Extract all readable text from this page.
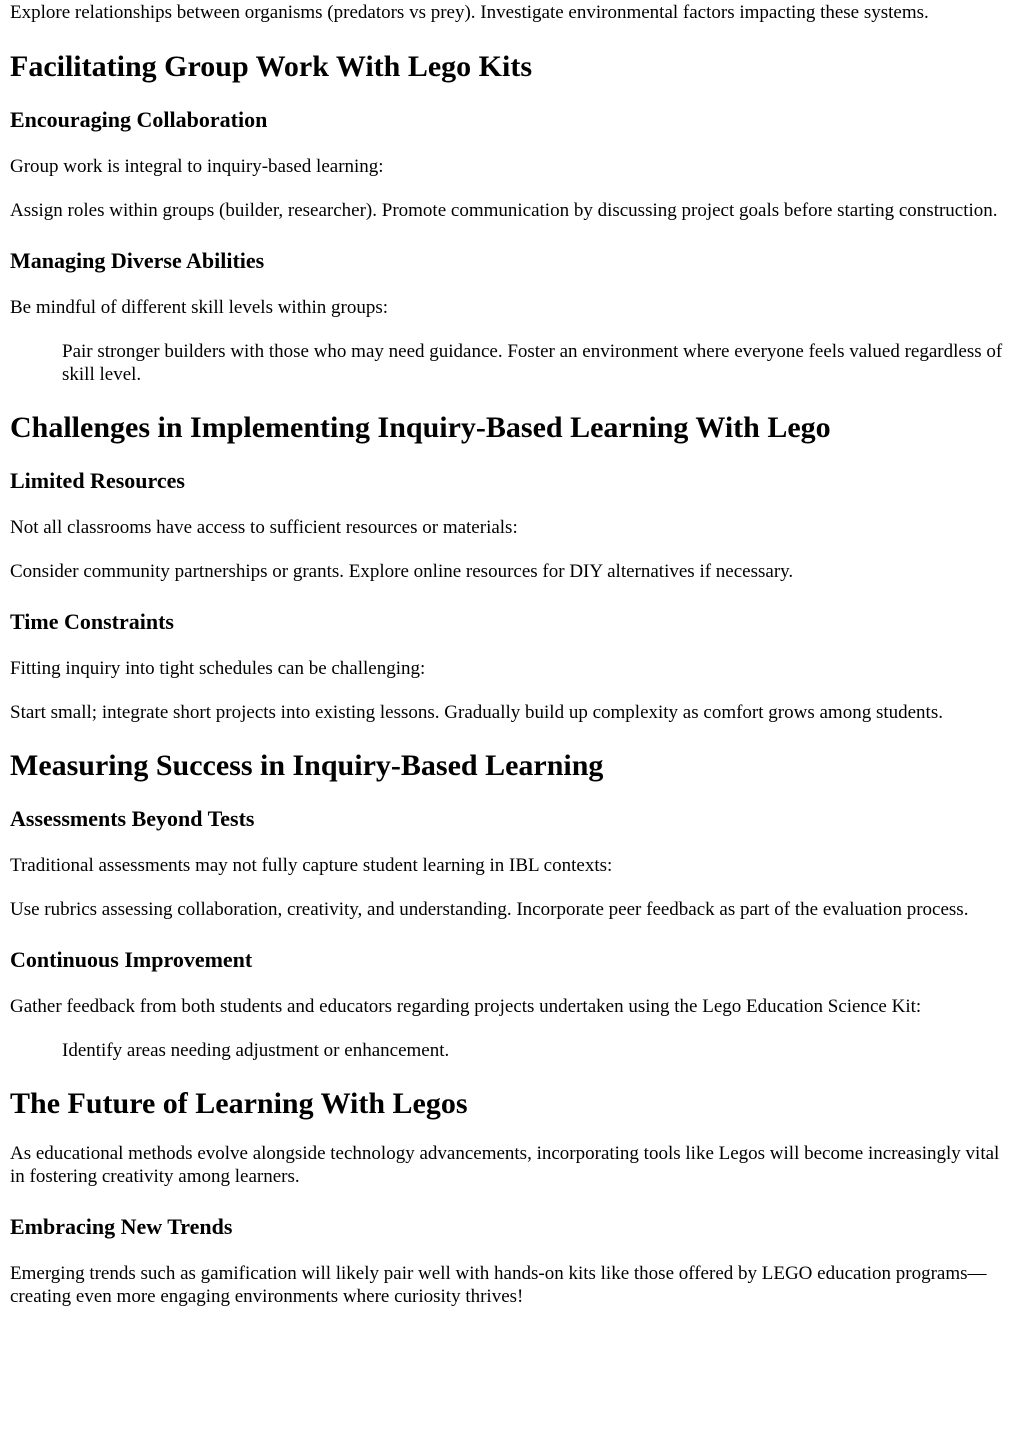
Explore relationships between organisms (predators vs prey). Investigate environmental factors impacting these systems.

Facilitating Group Work With Lego Kits
Encouraging Collaboration

Group work is integral to inquiry-based learning:

Assign roles within groups (builder, researcher). Promote communication by discussing project goals before starting construction.

Managing Diverse Abilities

Be mindful of different skill levels within groups:

Pair stronger builders with those who may need guidance. Foster an environment where everyone feels valued regardless of skill level.
Challenges in Implementing Inquiry-Based Learning With Lego
Limited Resources

Not all classrooms have access to sufficient resources or materials:

Consider community partnerships or grants. Explore online resources for DIY alternatives if necessary.

Time Constraints

Fitting inquiry into tight schedules can be challenging:

Start small; integrate short projects into existing lessons. Gradually build up complexity as comfort grows among students.

Measuring Success in Inquiry-Based Learning
Assessments Beyond Tests

Traditional assessments may not fully capture student learning in IBL contexts:

Use rubrics assessing collaboration, creativity, and understanding. Incorporate peer feedback as part of the evaluation process.

Continuous Improvement

Gather feedback from both students and educators regarding projects undertaken using the Lego Education Science Kit:

Identify areas needing adjustment or enhancement.
The Future of Learning With Legos

As educational methods evolve alongside technology advancements, incorporating tools like Legos will become increasingly vital in fostering creativity among learners.

Embracing New Trends

Emerging trends such as gamification will likely pair well with hands-on kits like those offered by LEGO education programs—creating even more engaging environments where curiosity thrives!
